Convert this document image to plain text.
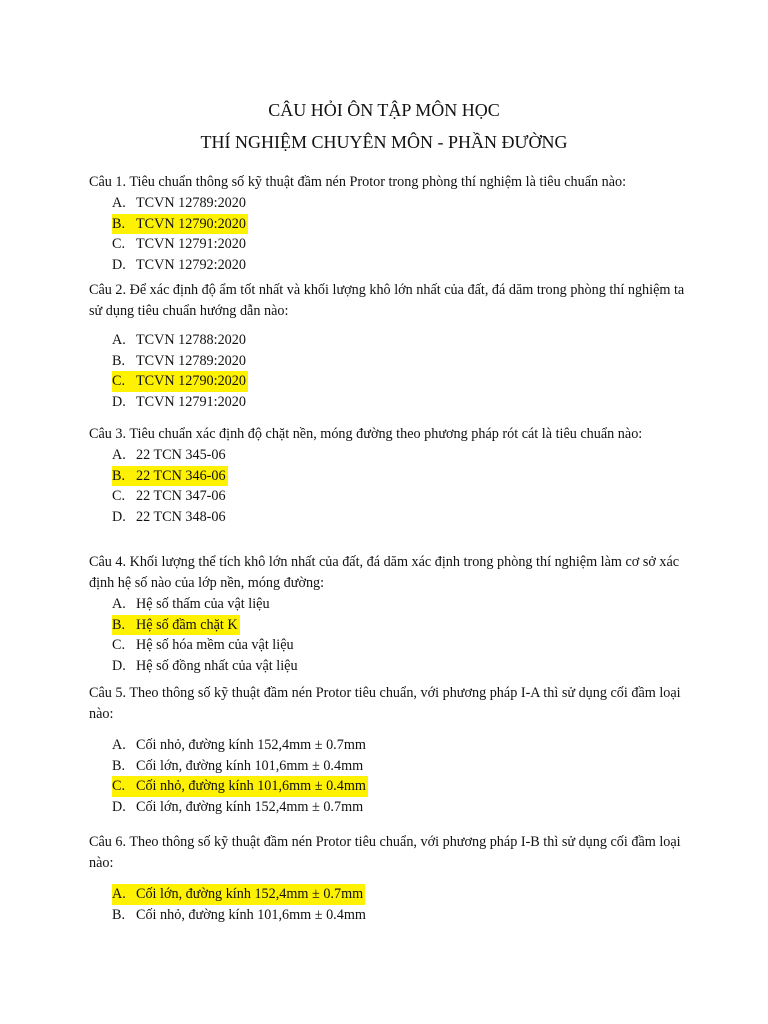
CÂU HỎI ÔN TẬP MÔN HỌC
THÍ NGHIỆM CHUYÊN MÔN - PHẦN ĐƯỜNG

Câu 1. Tiêu chuẩn thông số kỹ thuật đầm nén Protor trong phòng thí nghiệm là tiêu chuẩn nào:

A. TCVN 12789:2020
B. TCVN 12790:2020
C. TCVN 12791:2020
D. TCVN 12792:2020

Câu 2. Để xác định độ ẩm tốt nhất và khối lượng khô lớn nhất của đất, đá dăm trong phòng thí nghiệm ta sử dụng tiêu chuẩn hướng dẫn nào:

A. TCVN 12788:2020
B. TCVN 12789:2020
C. TCVN 12790:2020
D. TCVN 12791:2020

Câu 3. Tiêu chuẩn xác định độ chặt nền, móng đường theo phương pháp rót cát là tiêu chuẩn nào:

A. 22 TCN 345-06
B. 22 TCN 346-06
C. 22 TCN 347-06
D. 22 TCN 348-06

Câu 4. Khối lượng thể tích khô lớn nhất của đất, đá dăm xác định trong phòng thí nghiệm làm cơ sở xác định hệ số nào của lớp nền, móng đường:

A. Hệ số thấm của vật liệu
B. Hệ số đầm chặt K
C. Hệ số hóa mềm của vật liệu
D. Hệ số đồng nhất của vật liệu

Câu 5. Theo thông số kỹ thuật đầm nén Protor tiêu chuẩn, với phương pháp I-A thì sử dụng cối đầm loại nào:

A. Cối nhỏ, đường kính 152,4mm ± 0.7mm
B. Cối lớn, đường kính 101,6mm ± 0.4mm
C. Cối nhỏ, đường kính 101,6mm ± 0.4mm
D. Cối lớn, đường kính 152,4mm ± 0.7mm

Câu 6. Theo thông số kỹ thuật đầm nén Protor tiêu chuẩn, với phương pháp I-B thì sử dụng cối đầm loại nào:

A. Cối lớn, đường kính 152,4mm ± 0.7mm
B. Cối nhỏ, đường kính 101,6mm ± 0.4mm
